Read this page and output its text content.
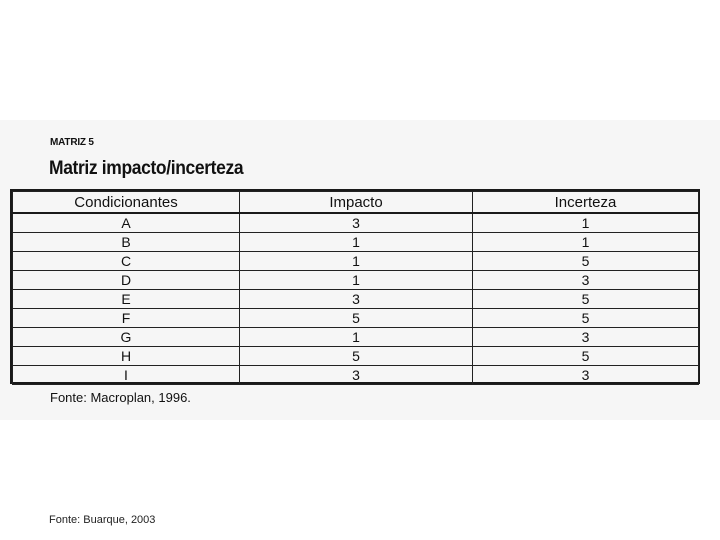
MATRIZ 5
Matriz impacto/incerteza
Condicionantes	Impacto	Incerteza
A	3	1
B	1	1
C	1	5
D	1	3
E	3	5
F	5	5
G	1	3
H	5	5
I	3	3
Fonte: Macroplan, 1996.
Fonte: Buarque, 2003
